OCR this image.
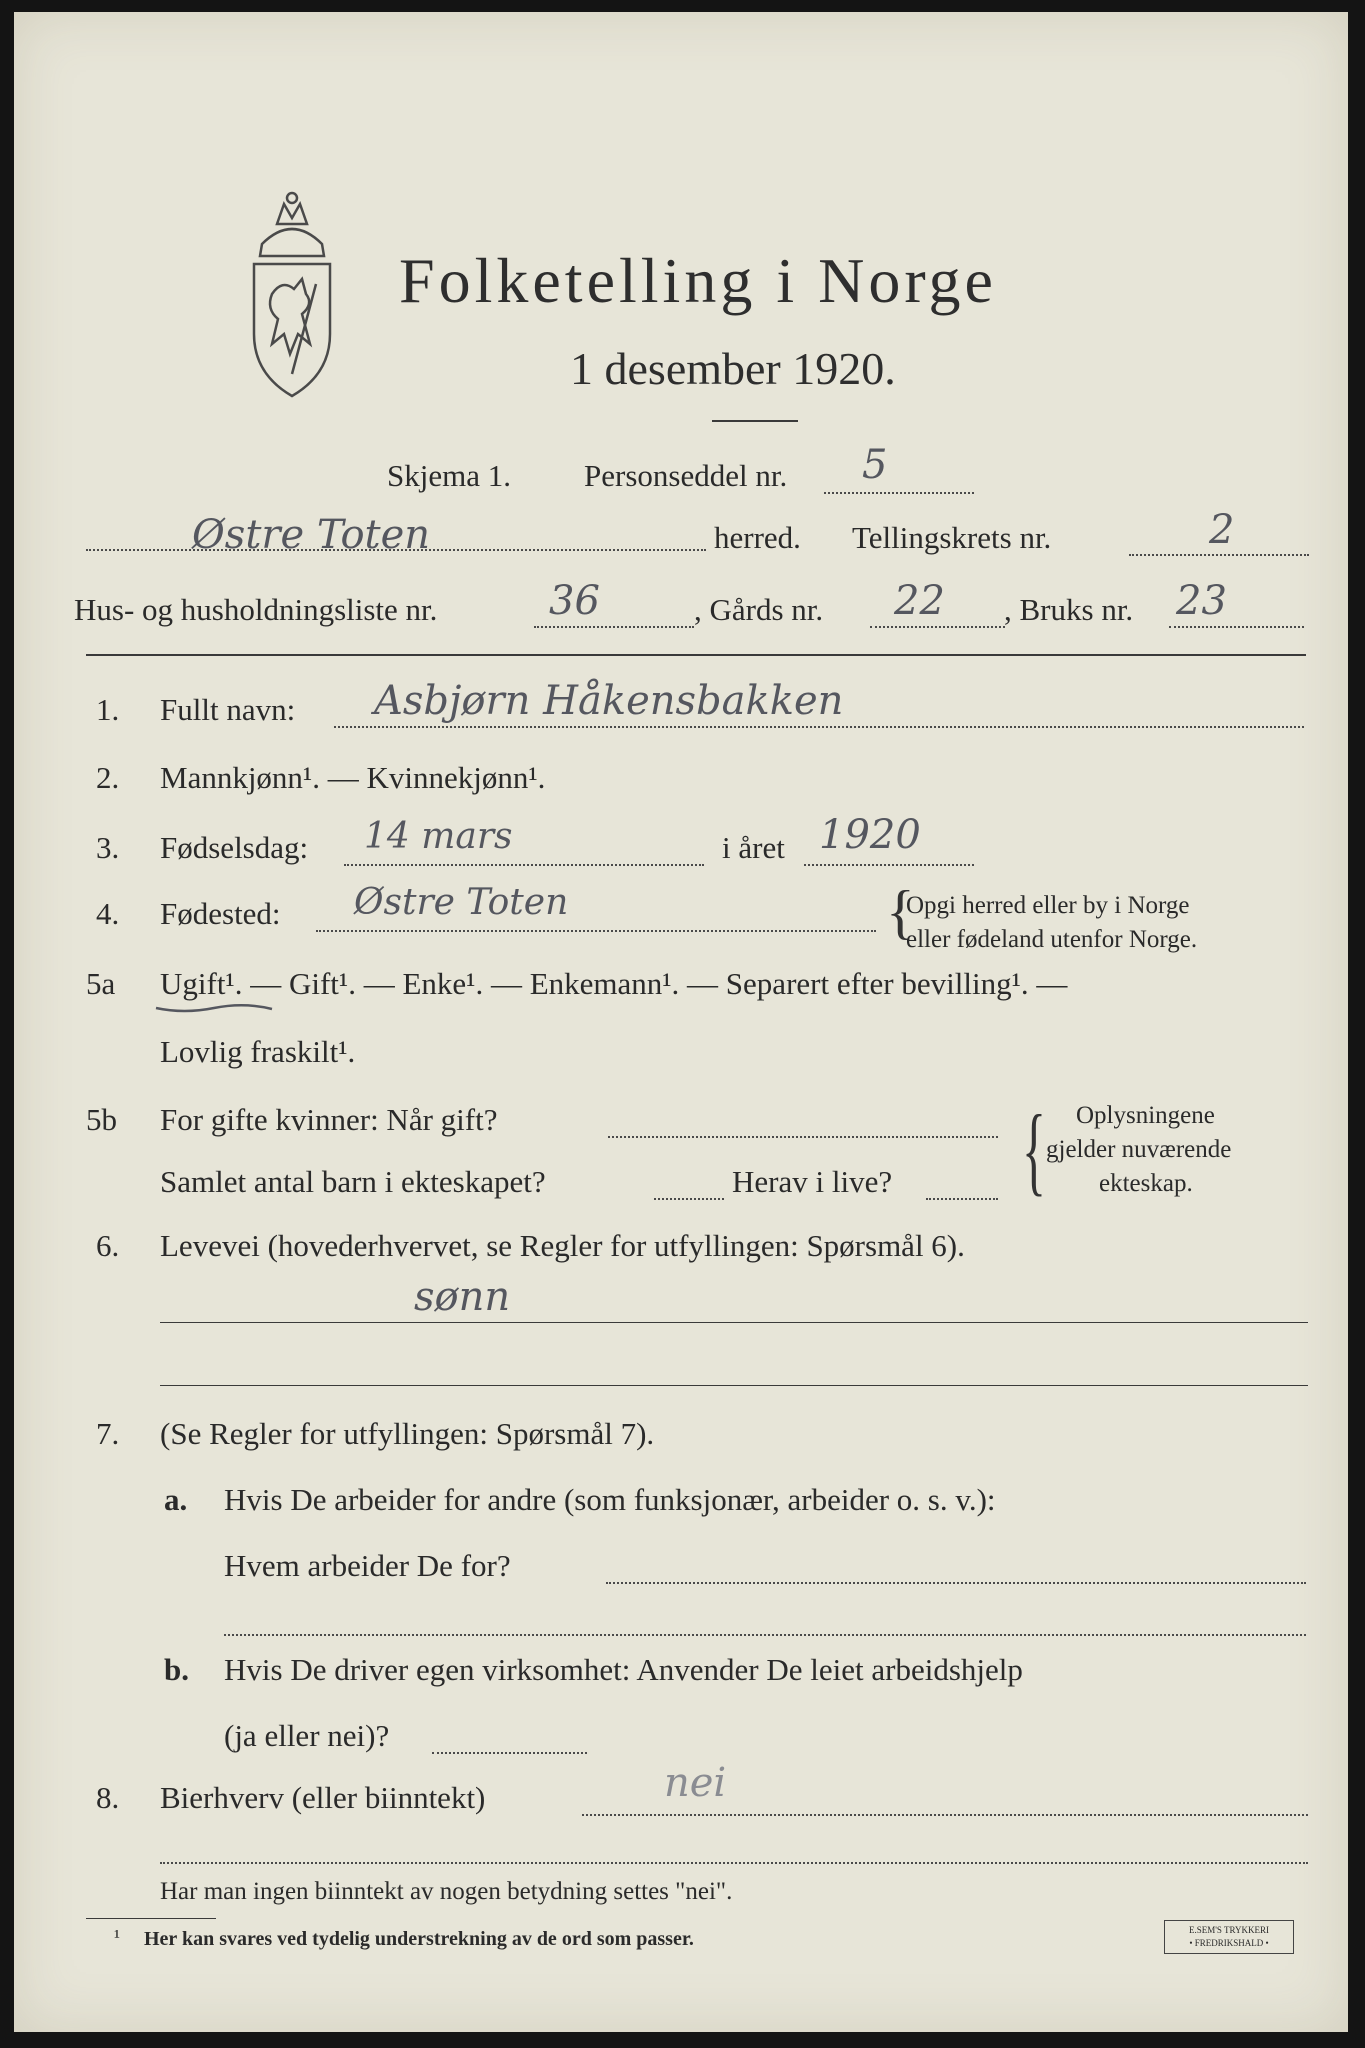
Folketelling i Norge
1 desember 1920.
Skjema 1. Personseddel nr. 5
Østre Toten	herred. Tellingskrets nr.	2
Hus- og husholdningsliste nr.	36	, Gårds nr. 22 , Bruks nr. 23
1. Fullt navn: Asbjørn Håkensbakken
2. Mannkjønn¹. — Kvinnekjønn¹.
3. Fødselsdag: 14 mars	i året 1920
4. Fødested: Østre Toten	{
Opgi herred eller by i Norge
eller fødeland utenfor Norge.
5a Ugift¹. — Gift¹. — Enke¹. — Enkemann¹. — Separert efter bevilling¹. —
Lovlig fraskilt¹.
5b For gifte kvinner: Når gift?
Samlet antal barn i ekteskapet?	Herav i live? { Oplysningene
gjelder nuværende
ekteskap.
6. Levevei (hovederhvervet, se Regler for utfyllingen: Spørsmål 6).
sønn
7. (Se Regler for utfyllingen: Spørsmål 7).
a. Hvis De arbeider for andre (som funksjonær, arbeider o. s. v.):
Hvem arbeider De for?
b. Hvis De driver egen virksomhet: Anvender De leiet arbeidshjelp
(ja eller nei)?
8. Bierhverv (eller biinntekt)	nei
Har man ingen biinntekt av nogen betydning settes "nei".
¹ Her kan svares ved tydelig understrekning av de ord som passer.	E.SEM'S TRYKKERI
• FREDRIKSHALD •
